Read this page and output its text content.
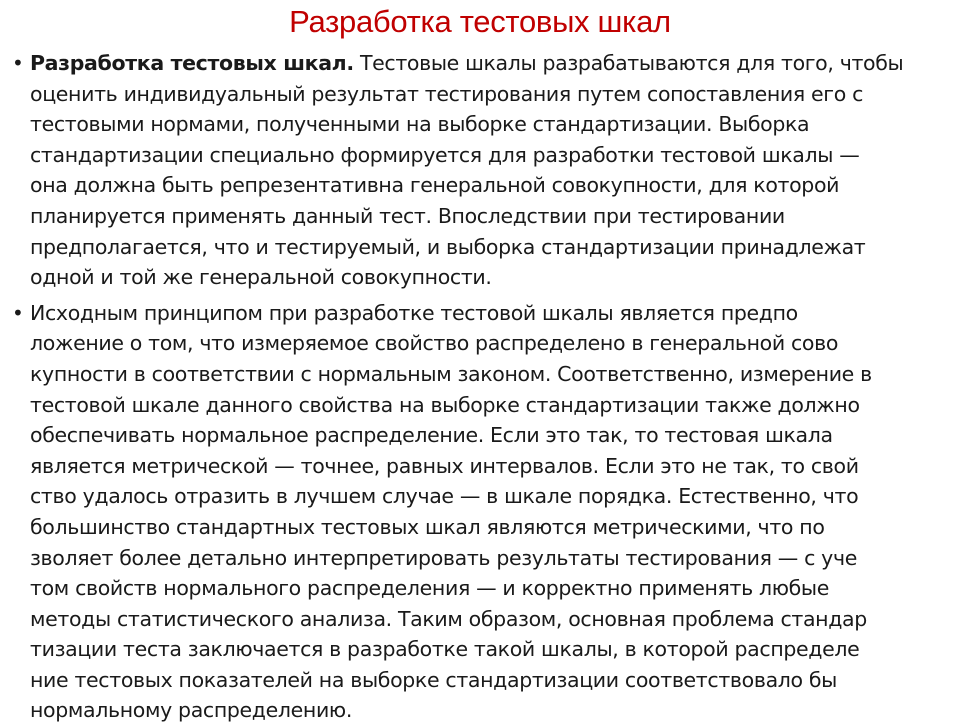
Разработка тестовых шкал
• Разработка тестовых шкал. Тестовые шкалы разрабатываются для того, чтобы
оценить индивидуальный результат тестирования путем сопоставления его с
тестовыми нормами, полученными на выборке стандартизации. Выборка
стандартизации специально формируется для разработки тестовой шкалы —
она должна быть репрезентативна генеральной совокупности, для которой
планируется применять данный тест. Впоследствии при тестировании
предполагается, что и тестируемый, и выборка стандартизации принадлежат
одной и той же генеральной совокупности.
• Исходным принципом при разработке тестовой шкалы является предпо
ложение о том, что измеряемое свойство распределено в генеральной сово
купности в соответствии с нормальным законом. Соответственно, измерение в
тестовой шкале данного свойства на выборке стандартизации также должно
обеспечивать нормальное распределение. Если это так, то тестовая шкала
является метрической — точнее, равных интервалов. Если это не так, то свой
ство удалось отразить в лучшем случае — в шкале порядка. Естественно, что
большинство стандартных тестовых шкал являются метрическими, что по
зволяет более детально интерпретировать результаты тестирования — с уче
том свойств нормального распределения — и корректно применять любые
методы статистического анализа. Таким образом, основная проблема стандар
тизации теста заключается в разработке такой шкалы, в которой распределе
ние тестовых показателей на выборке стандартизации соответствовало бы
нормальному распределению.
